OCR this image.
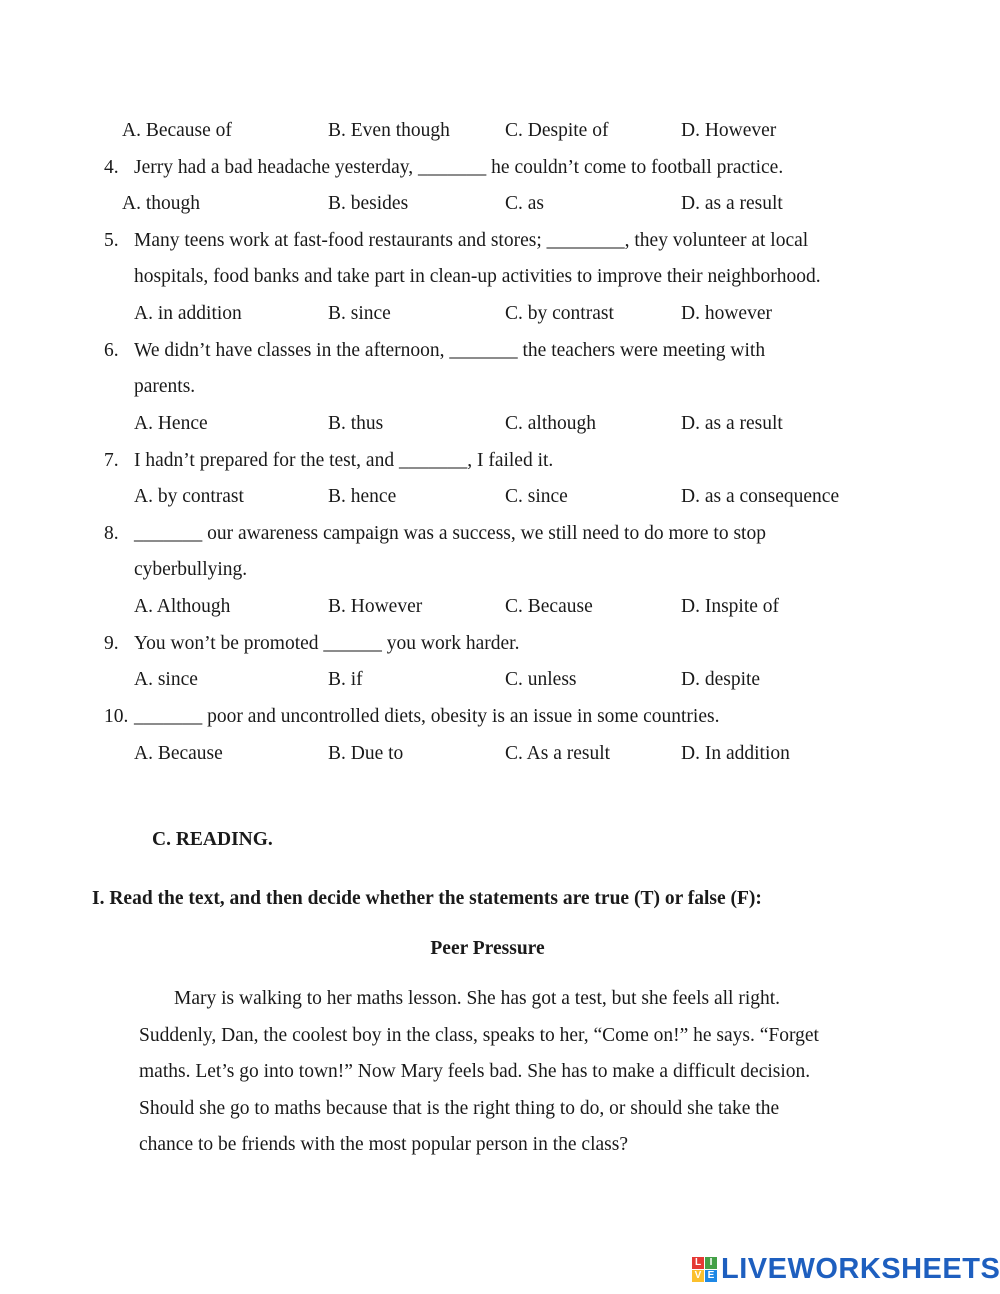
A. Because of	B. Even though	C. Despite of	D. However
4. Jerry had a bad headache yesterday, _______ he couldn’t come to football practice.
A. though	B. besides	C. as	D. as a result
5. Many teens work at fast-food restaurants and stores; ________, they volunteer at local
hospitals, food banks and take part in clean-up activities to improve their neighborhood.
A. in addition	B. since	C. by contrast	D. however
6. We didn’t have classes in the afternoon, _______ the teachers were meeting with
parents.
A. Hence	B. thus	C. although	D. as a result
7. I hadn’t prepared for the test, and _______, I failed it.
A. by contrast	B. hence	C. since	D. as a consequence
8. _______ our awareness campaign was a success, we still need to do more to stop
cyberbullying.
A. Although	B. However	C. Because	D. Inspite of
9. You won’t be promoted ______ you work harder.
A. since	B. if	C. unless	D. despite
10. _______ poor and uncontrolled diets, obesity is an issue in some countries.
A. Because	B. Due to	C. As a result	D. In addition
C. READING.
I. Read the text, and then decide whether the statements are true (T) or false (F):
Peer Pressure
Mary is walking to her maths lesson. She has got a test, but she feels all right.
Suddenly, Dan, the coolest boy in the class, speaks to her, “Come on!” he says. “Forget
maths. Let’s go into town!” Now Mary feels bad. She has to make a difficult decision.
Should she go to maths because that is the right thing to do, or should she take the
chance to be friends with the most popular person in the class?
L I
V E LIVEWORKSHEETS
